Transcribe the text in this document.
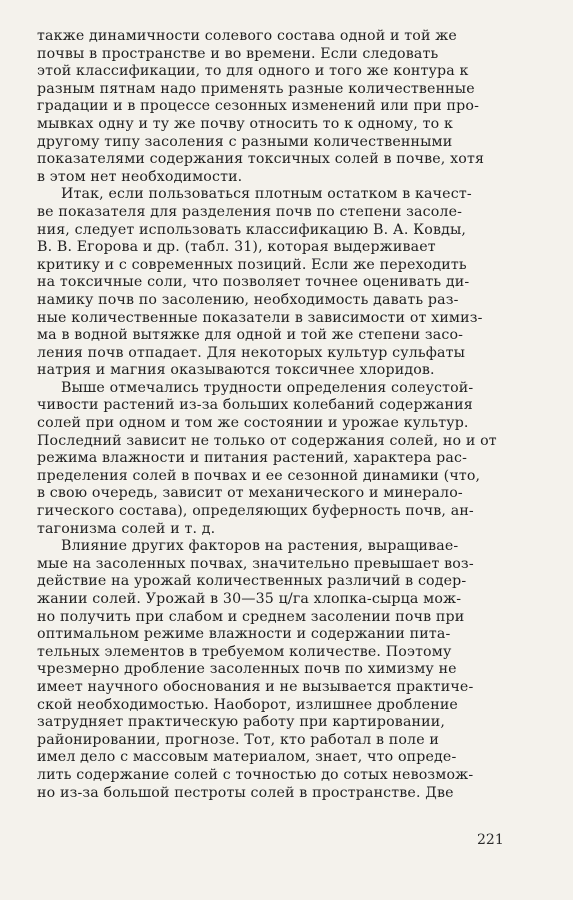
также динамичности солевого состава одной и той же
почвы в пространстве и во времени. Если следовать
этой классификации, то для одного и того же контура к
разным пятнам надо применять разные количественные
градации и в процессе сезонных изменений или при про-
мывках одну и ту же почву относить то к одному, то к
другому типу засоления с разными количественными
показателями содержания токсичных солей в почве, хотя
в этом нет необходимости.
Итак, если пользоваться плотным остатком в качест-
ве показателя для разделения почв по степени засоле-
ния, следует использовать классификацию В. А. Ковды,
В. В. Егорова и др. (табл. 31), которая выдерживает
критику и с современных позиций. Если же переходить
на токсичные соли, что позволяет точнее оценивать ди-
намику почв по засолению, необходимость давать раз-
ные количественные показатели в зависимости от химиз-
ма в водной вытяжке для одной и той же степени засо-
ления почв отпадает. Для некоторых культур сульфаты
натрия и магния оказываются токсичнее хлоридов.
Выше отмечались трудности определения солеустой-
чивости растений из-за больших колебаний содержания
солей при одном и том же состоянии и урожае культур.
Последний зависит не только от содержания солей, но и от
режима влажности и питания растений, характера рас-
пределения солей в почвах и ее сезонной динамики (что,
в свою очередь, зависит от механического и минерало-
гического состава), определяющих буферность почв, ан-
тагонизма солей и т. д.
Влияние других факторов на растения, выращивае-
мые на засоленных почвах, значительно превышает воз-
действие на урожай количественных различий в содер-
жании солей. Урожай в 30—35 ц/га хлопка-сырца мож-
но получить при слабом и среднем засолении почв при
оптимальном режиме влажности и содержании пита-
тельных элементов в требуемом количестве. Поэтому
чрезмерно дробление засоленных почв по химизму не
имеет научного обоснования и не вызывается практиче-
ской необходимостью. Наоборот, излишнее дробление
затрудняет практическую работу при картировании,
районировании, прогнозе. Тот, кто работал в поле и
имел дело с массовым материалом, знает, что опреде-
лить содержание солей с точностью до сотых невозмож-
но из-за большой пестроты солей в пространстве. Две
221
